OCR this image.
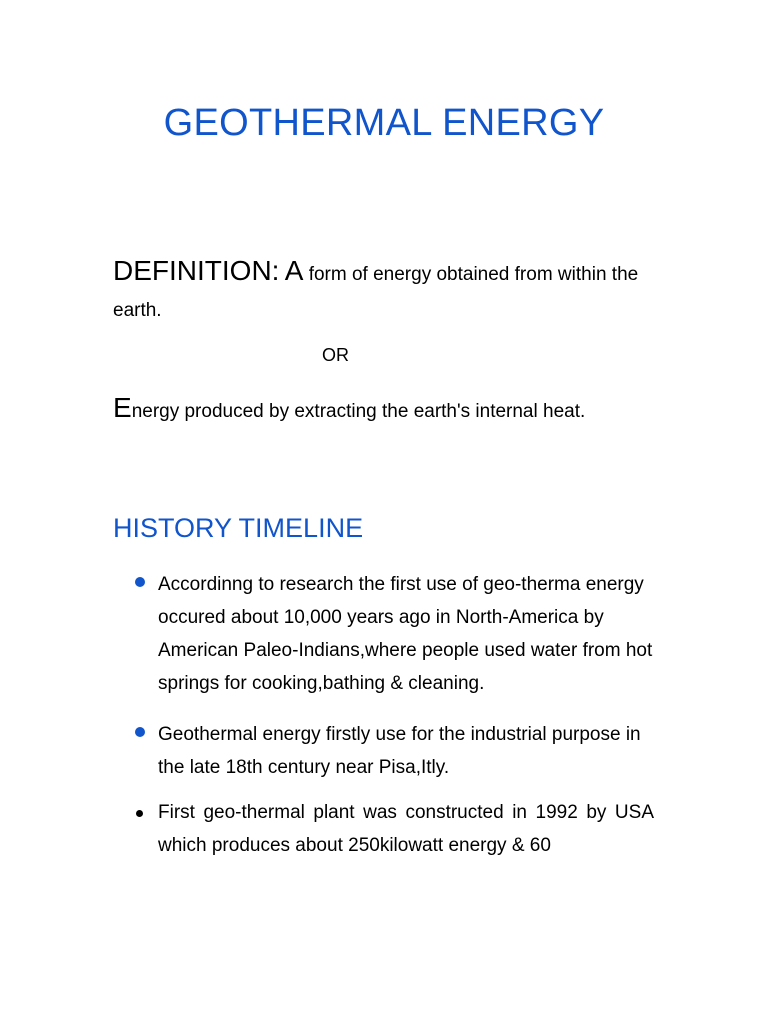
GEOTHERMAL ENERGY

DEFINITION: A form of energy obtained from within the earth.

OR

Energy produced by extracting the earth's internal heat.

HISTORY TIMELINE
Accordinng to research the first use of geo-therma energy occured about 10,000 years ago in North-America by American Paleo-Indians,where people used water from hot springs for cooking,bathing & cleaning.
Geothermal energy firstly use for the industrial purpose in the late 18th century near Pisa,Itly.
First geo-thermal plant was constructed in 1992 by USA which produces about 250kilowatt energy & 60
